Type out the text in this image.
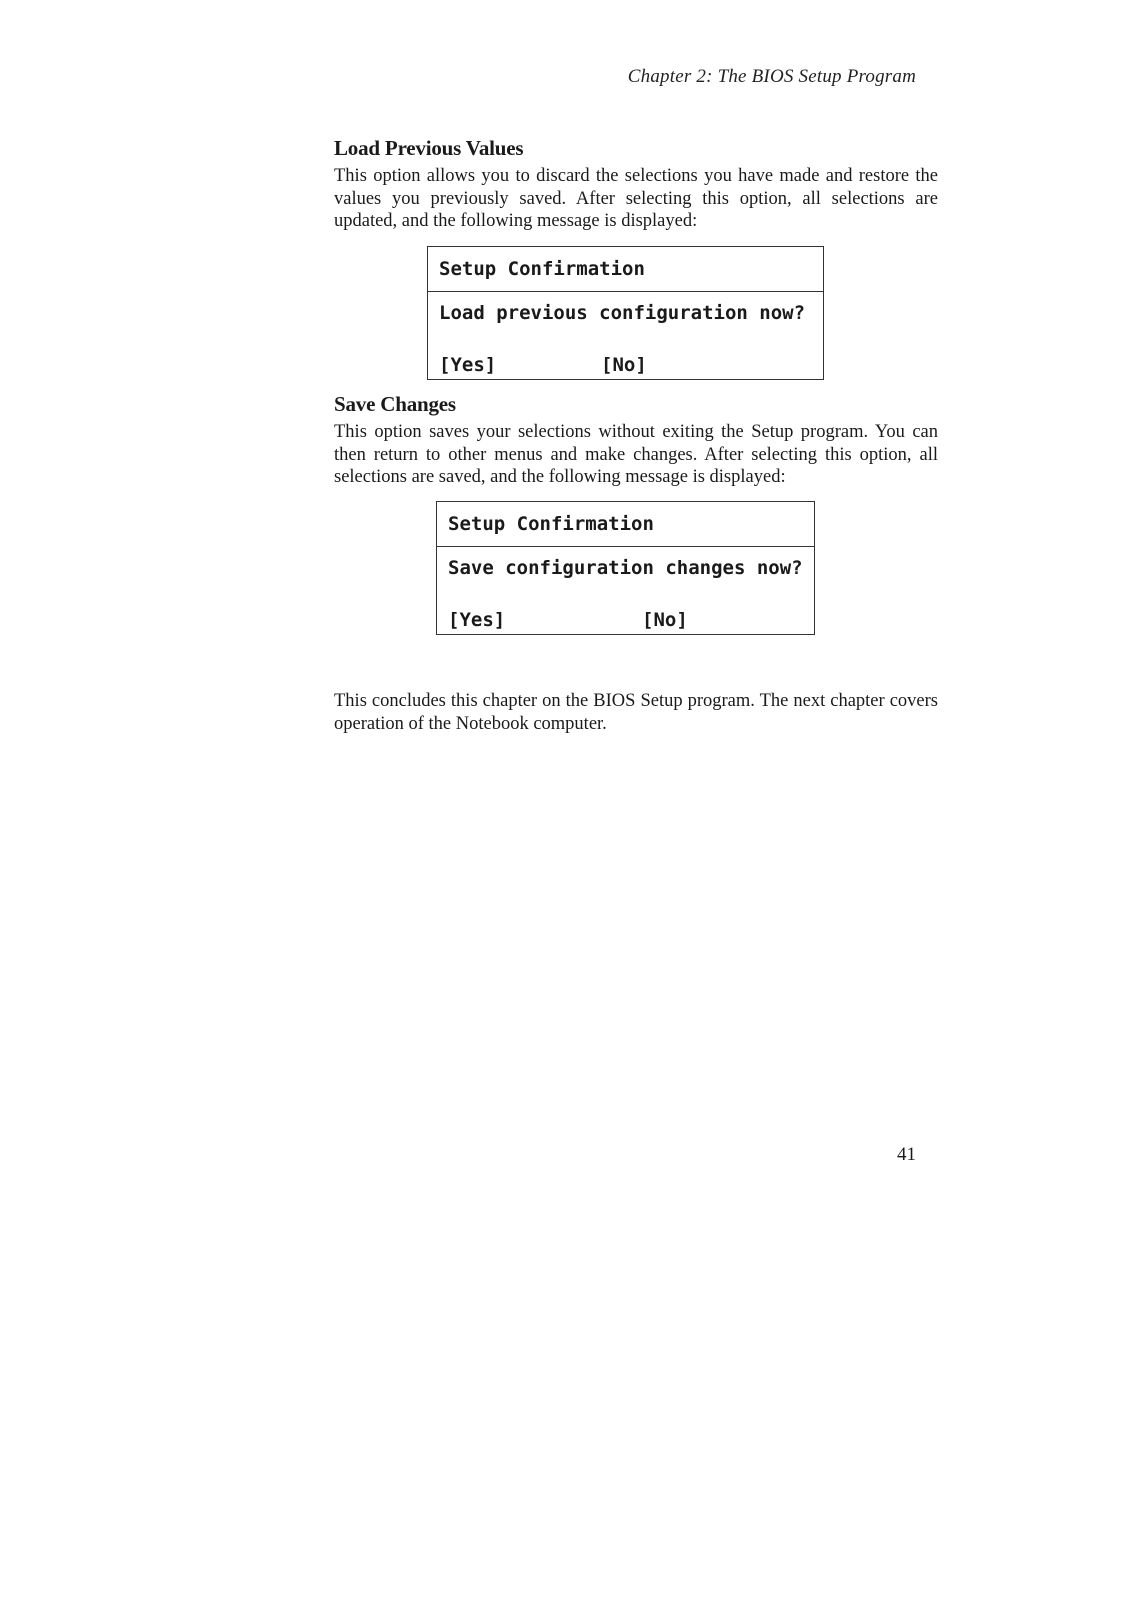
Chapter 2: The BIOS Setup Program
Load Previous Values

This option allows you to discard the selections you have made and restore the values you previously saved. After selecting this option, all selections are updated, and the following message is displayed:

Setup Confirmation
Load previous configuration now?
[Yes]	[No]
Save Changes

This option saves your selections without exiting the Setup program. You can then return to other menus and make changes. After selecting this option, all selections are saved, and the following message is displayed:

Setup Confirmation
Save configuration changes now?
[Yes]	[No]

This concludes this chapter on the BIOS Setup program. The next chapter covers operation of the Notebook computer.

41
